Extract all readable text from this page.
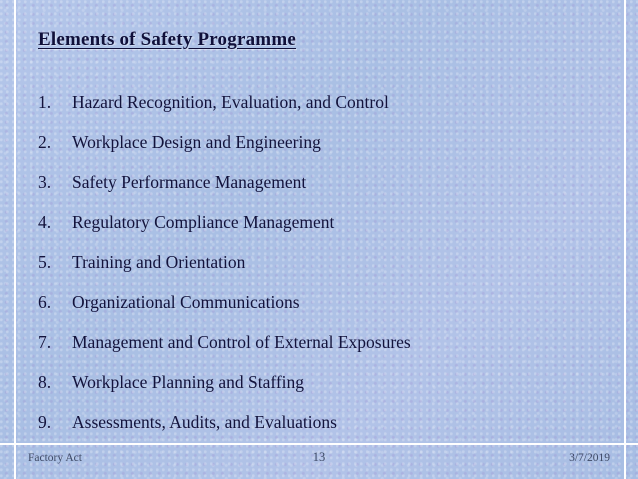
Elements of Safety Programme
1. Hazard Recognition, Evaluation, and Control
2. Workplace Design and Engineering
3. Safety Performance Management
4. Regulatory Compliance Management
5. Training and Orientation
6. Organizational Communications
7. Management and Control of External Exposures
8. Workplace Planning and Staffing
9. Assessments, Audits, and Evaluations
Factory Act	13	3/7/2019
